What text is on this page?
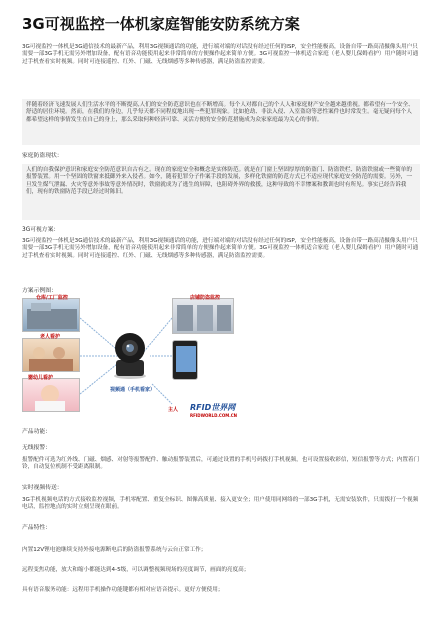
3G可视监控一体机家庭智能安防系统方案
3G可视监控一体机是3G通信技术的最新产品，利用3G视频通话的功能，进行端对端的对话没有经过任何的ISP，安全性能极高，设备自带一路高清摄像头用户只需要一部3G手机无需另外增加设备，配有语音功能使用起来非常简单的方便操作起来简单方便。3G可视监控一体机适合家庭（老人婴儿保姆看护）用户随时可通过手机查看实时视频。同时可连接遥控、红外、门磁、无线烟感等多种传感器，满足防盗监控需要。
伴随着经济飞速发展人们生活水平的不断提高,人们的安全防范意识也在不断增高。每个人对都自己的个人人和家庭财产安全越来越重视。都希望有一个安全、舒适的居住环境。然而，在我们的身边，几乎每天都不同程度地出现一些犯罪现象。比如抢劫、非法入侵、入室盗窃等恶性案件也时常发生。毫无疑问每个人都希望这样的事情发生在自己的身上，那么采取何种经济可靠、灵活方便的安全防范措施成为众家家庭最为关心的事情。
家庭防盗现状：
人们的自我保护意识和家庭安全防范意识自古有之。现在的家庭安全和概念是实体防范。就是在门窗上坚固厚厚的防盗门、防盗铁栏、防盗铁窗或一些简单的报警装置。用一个坚固的铁窗来抵御外来入侵者。如今，随着犯罪分子作案手段的发展，多样化铁窗的防范方式已不适应现代家庭安全防范的需要。另外，一旦发生煤气泄漏、火灾等意外事故等意外情况时，铁窗就成为了逃生的屏障，也阻碍外界的救援，这种导致的不幸惨案和教训也时有所见。事实已经告诉我们，现有的铁窗防范手段已经过时陈旧。
3G可视方案：
3G可视监控一体机是3G通信技术的最新产品，利用3G视频通话的功能，进行端对端的对话没有经过任何的ISP，安全性能极高，设备自带一路高清摄像头用户只需要一部3G手机无需另外增加设备，配有语音功能使用起来非常简单的方便操作起来简单方便。3G可视监控一体机适合家庭（老人婴儿保姆看护）用户随时可通过手机查看实时视频。同时可连接遥控、红外、门磁、无线烟感等多种传感器，满足防盗监控需要。
方案示例图：
仓库/工厂监控
老人看护
婴幼儿看护
店铺防盗监控
视频通（手机看家）
主人 RFID世界网
RFIDWORLD.COM.CN
产品功能：
无线报警：
报警配件可选为红外线、门磁、烟感、对射等报警配件、触动报警装置后，可通过设置的手机号码拨打手机视频，也可设置接收彩信，短信报警等方式；内置着门铃，自动复位机制不受距离限制。
实时视频传送：
3G手机视频电话的方式接收监控视频，手机零配置、重复全标识、图像高质量、接入更安全；用户使用同网络的一部3G手机，无需安装软件，只需拨打一个视频电话，监控地点的实时立刻呈现在眼前。
产品特性：
内置12V锂电池继续支持外接电源断电后的防盗报警系统与云台正常工作；
远程变焦功能，放大和缩小都能达到4-5级，可以调整视频现场的亮度调节，画面的亮度高；
具有语音服务功能：远程用手机操作功能键都有相对应语音提示。更好方便使用；
